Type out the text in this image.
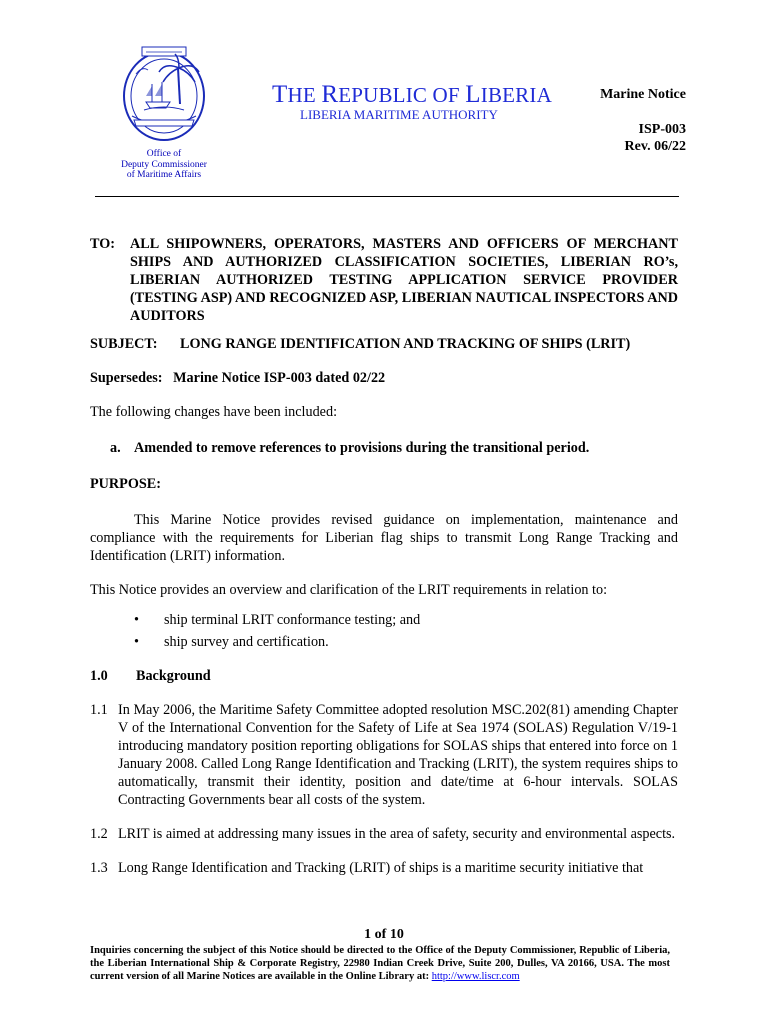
Office of
Deputy Commissioner
of Maritime Affairs
THE REPUBLIC OF LIBERIA
LIBERIA MARITIME AUTHORITY
Marine Notice
ISP-003
Rev. 06/22
TO:	ALL SHIPOWNERS, OPERATORS, MASTERS AND OFFICERS OF MERCHANT SHIPS AND AUTHORIZED CLASSIFICATION SOCIETIES, LIBERIAN RO’s, LIBERIAN AUTHORIZED TESTING APPLICATION SERVICE PROVIDER (TESTING ASP) AND RECOGNIZED ASP, LIBERIAN NAUTICAL INSPECTORS AND AUDITORS
SUBJECT:	LONG RANGE IDENTIFICATION AND TRACKING OF SHIPS (LRIT)
Supersedes:   Marine Notice ISP-003 dated 02/22
The following changes have been included:
a. Amended to remove references to provisions during the transitional period.
PURPOSE:
This Marine Notice provides revised guidance on implementation, maintenance and compliance with the requirements for Liberian flag ships to transmit Long Range Tracking and Identification (LRIT) information.
This Notice provides an overview and clarification of the LRIT requirements in relation to:
•	ship terminal LRIT conformance testing; and
•	ship survey and certification.
1.0	Background
1.1 In May 2006, the Maritime Safety Committee adopted resolution MSC.202(81) amending Chapter V of the International Convention for the Safety of Life at Sea 1974 (SOLAS) Regulation V/19-1 introducing mandatory position reporting obligations for SOLAS ships that entered into force on 1 January 2008. Called Long Range Identification and Tracking (LRIT), the system requires ships to automatically, transmit their identity, position and date/time at 6-hour intervals. SOLAS Contracting Governments bear all costs of the system.
1.2 LRIT is aimed at addressing many issues in the area of safety, security and environmental aspects.
1.3 Long Range Identification and Tracking (LRIT) of ships is a maritime security initiative that
1 of 10
Inquiries concerning the subject of this Notice should be directed to the Office of the Deputy Commissioner, Republic of Liberia, the Liberian International Ship & Corporate Registry, 22980 Indian Creek Drive, Suite 200, Dulles, VA 20166, USA. The most current version of all Marine Notices are available in the Online Library at: http://www.liscr.com
